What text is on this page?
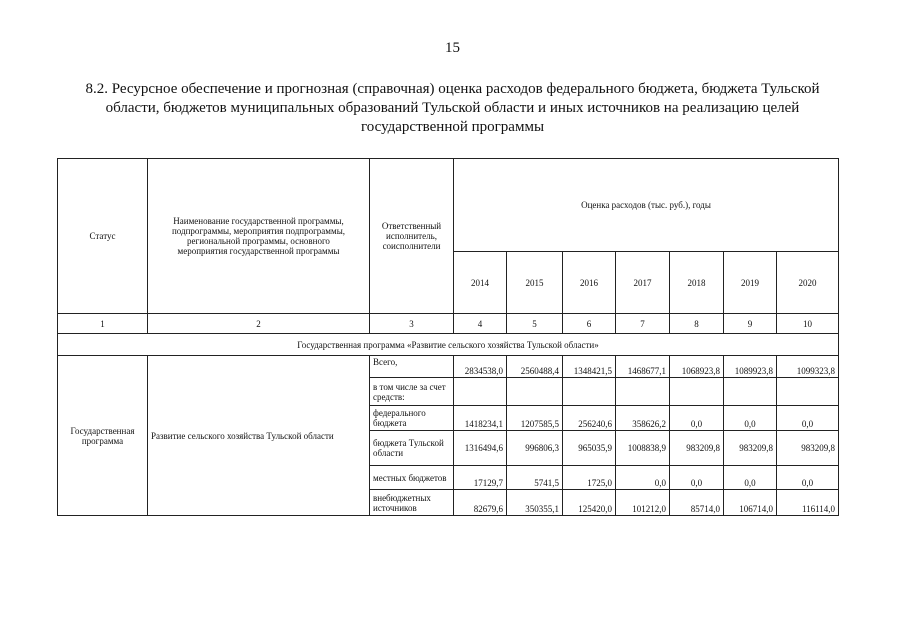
15
8.2. Ресурсное обеспечение и прогнозная (справочная) оценка расходов федерального бюджета, бюджета Тульской области, бюджетов муниципальных образований Тульской области и иных источников на реализацию целей государственной программы
Статус	Наименование государственной программы, подпрограммы, мероприятия подпрограммы, региональной программы, основного мероприятия государственной программы	Ответственный исполнитель, соисполнители	Оценка расходов (тыс. руб.), годы						
			2014	2015	2016	2017	2018	2019	2020
1	2	3	4	5	6	7	8	9	10
Государственная программа «Развитие сельского хозяйства Тульской области»									
Государственная программа	Развитие сельского хозяйства Тульской области	Всего,	2834538,0	2560488,4	1348421,5	1468677,1	1068923,8	1089923,8	1099323,8
		в том числе за счет средств:							
		федерального бюджета	1418234,1	1207585,5	256240,6	358626,2	0,0	0,0	0,0
		бюджета Тульской области	1316494,6	996806,3	965035,9	1008838,9	983209,8	983209,8	983209,8
		местных бюджетов	17129,7	5741,5	1725,0	0,0	0,0	0,0	0,0
		внебюджетных источников	82679,6	350355,1	125420,0	101212,0	85714,0	106714,0	116114,0
